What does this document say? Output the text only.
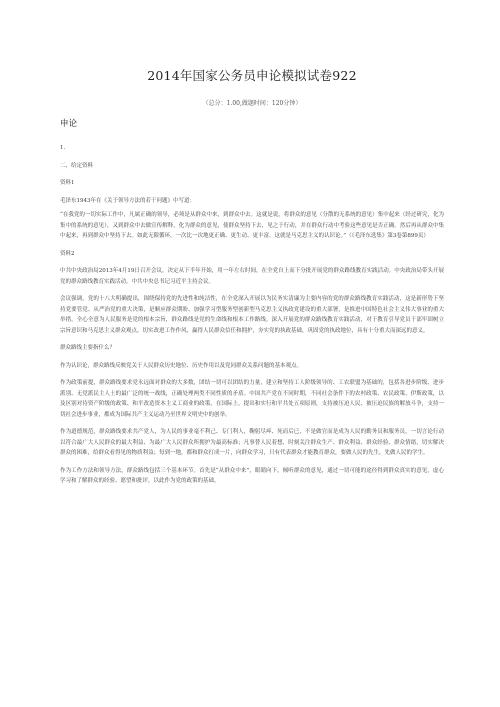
2014年国家公务员申论模拟试卷922
（总分：1.00,做题时间：120分钟）
申论
1.
二、给定资料
资料1
毛泽东1943年在《关于领导方法的若干问题》中写道：
“在我党的一切实际工作中，凡属正确的领导，必须是从群众中来，到群众中去。这就是说，将群众的意见（分散的无系统的意见）集中起来（经过研究，化为集中的系统的意见），又到群众中去做宣传解释，化为群众的意见，使群众坚持下去，见之于行动，并在群众行动中考验这些意见是否正确。然后再从群众中集中起来，再到群众中坚持下去。如此无限循环，一次比一次地更正确、更生动、更丰富。这就是马克思主义的认识论。”（《毛泽东选集》第3卷第899页）
资料2
中共中央政治局2013年4月19日召开会议，决定从下半年开始，用一年左右时间，在全党自上而下分批开展党的群众路线教育实践活动。中央政治局带头开展党的群众路线教育实践活动。中共中央总书记习近平主持会议。
会议强调，党的十八大明确提出，围绕保持党的先进性和纯洁性，在全党深入开展以为民务实清廉为主要内容的党的群众路线教育实践活动，这是新形势下坚持党要管党、从严治党的重大决策，是顺应群众期盼、加强学习型服务型创新型马克思主义执政党建设的重大部署，是推进中国特色社会主义伟大事业的重大举措，全心全意为人民服务是党的根本宗旨，群众路线是党的生命线和根本工作路线。深入开展党的群众路线教育实践活动，对于教育引导党员干部牢固树立宗旨意识和马克思主义群众观点，切实改进工作作风，赢得人民群众信任和拥护，夯实党的执政基础，巩固党的执政地位，具有十分重大而深远的意义。
群众路线主要指什么？
作为认识论，群众路线反映党关于人民群众历史地位、历史作用以及党同群众关系问题的基本观点。
作为政策前提，群众路线要求党永远面对群众的大多数，团结一切可以团结的力量，建立和坚持工人阶级领导的、工农联盟为基础的，包括各进步阶级、进步派别、无党派民主人士的最广泛的统一战线，正确处理两类不同性质的矛盾。中国共产党在不同时期，不同社会条件下的农村政策、农民政策、伊斯政策，以及区别对待资产阶级的政策、和平改造资本主义工商业的政策，在国际上，提出和实行和平共处五项原则，支持被压迫人民、被压迫民族的解放斗争，支持一切社会进步事业，都成为国际共产主义运动乃至世界文明史中的创举。
作为道德规范，群众路线要求共产党人，为人民的事业毫不利己、专门利人，鞠躬尽瘁、死而后已，不是做官而是成为人民的勤务员和服务员，一切言论行动以符合最广大人民群众的最大利益、为最广大人民群众所拥护为最高标准；凡事替人民着想，时刻关注群众生产、群众利益、群众经验、群众情绪，切实解决群众的困难，给群众看得见的物质利益；每到一地，都和群众打成一片，向群众学习，只有代表群众才能教育群众，要做人民的先生，先做人民的学生。
作为工作方法和领导方法，群众路线包括三个基本环节。首先是“从群众中来”，眼睛向下，倾听群众的意见，通过一切可能的途径得到群众真实的意见，虚心学习和了解群众的经验、愿望和批评，以此作为党的政策的基础。
